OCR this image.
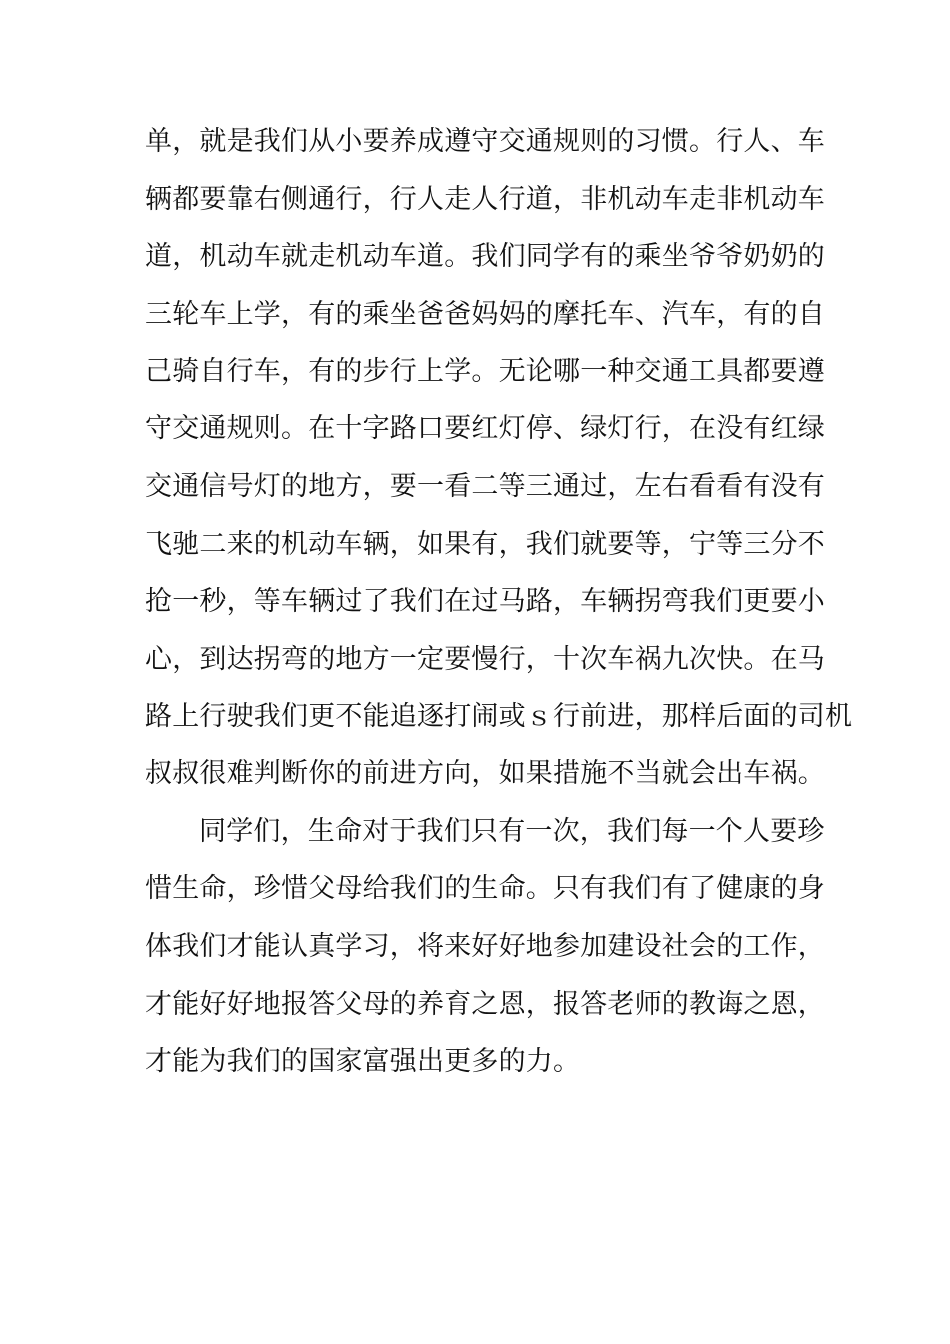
单，就是我们从小要养成遵守交通规则的习惯。行人、车
辆都要靠右侧通行，行人走人行道，非机动车走非机动车
道，机动车就走机动车道。我们同学有的乘坐爷爷奶奶的
三轮车上学，有的乘坐爸爸妈妈的摩托车、汽车，有的自
己骑自行车，有的步行上学。无论哪一种交通工具都要遵
守交通规则。在十字路口要红灯停、绿灯行，在没有红绿
交通信号灯的地方，要一看二等三通过，左右看看有没有
飞驰二来的机动车辆，如果有，我们就要等，宁等三分不
抢一秒，等车辆过了我们在过马路，车辆拐弯我们更要小
心，到达拐弯的地方一定要慢行，十次车祸九次快。在马
路上行驶我们更不能追逐打闹或ｓ行前进，那样后面的司机
叔叔很难判断你的前进方向，如果措施不当就会出车祸。
同学们，生命对于我们只有一次，我们每一个人要珍
惜生命，珍惜父母给我们的生命。只有我们有了健康的身
体我们才能认真学习，将来好好地参加建设社会的工作，
才能好好地报答父母的养育之恩，报答老师的教诲之恩，
才能为我们的国家富强出更多的力。
